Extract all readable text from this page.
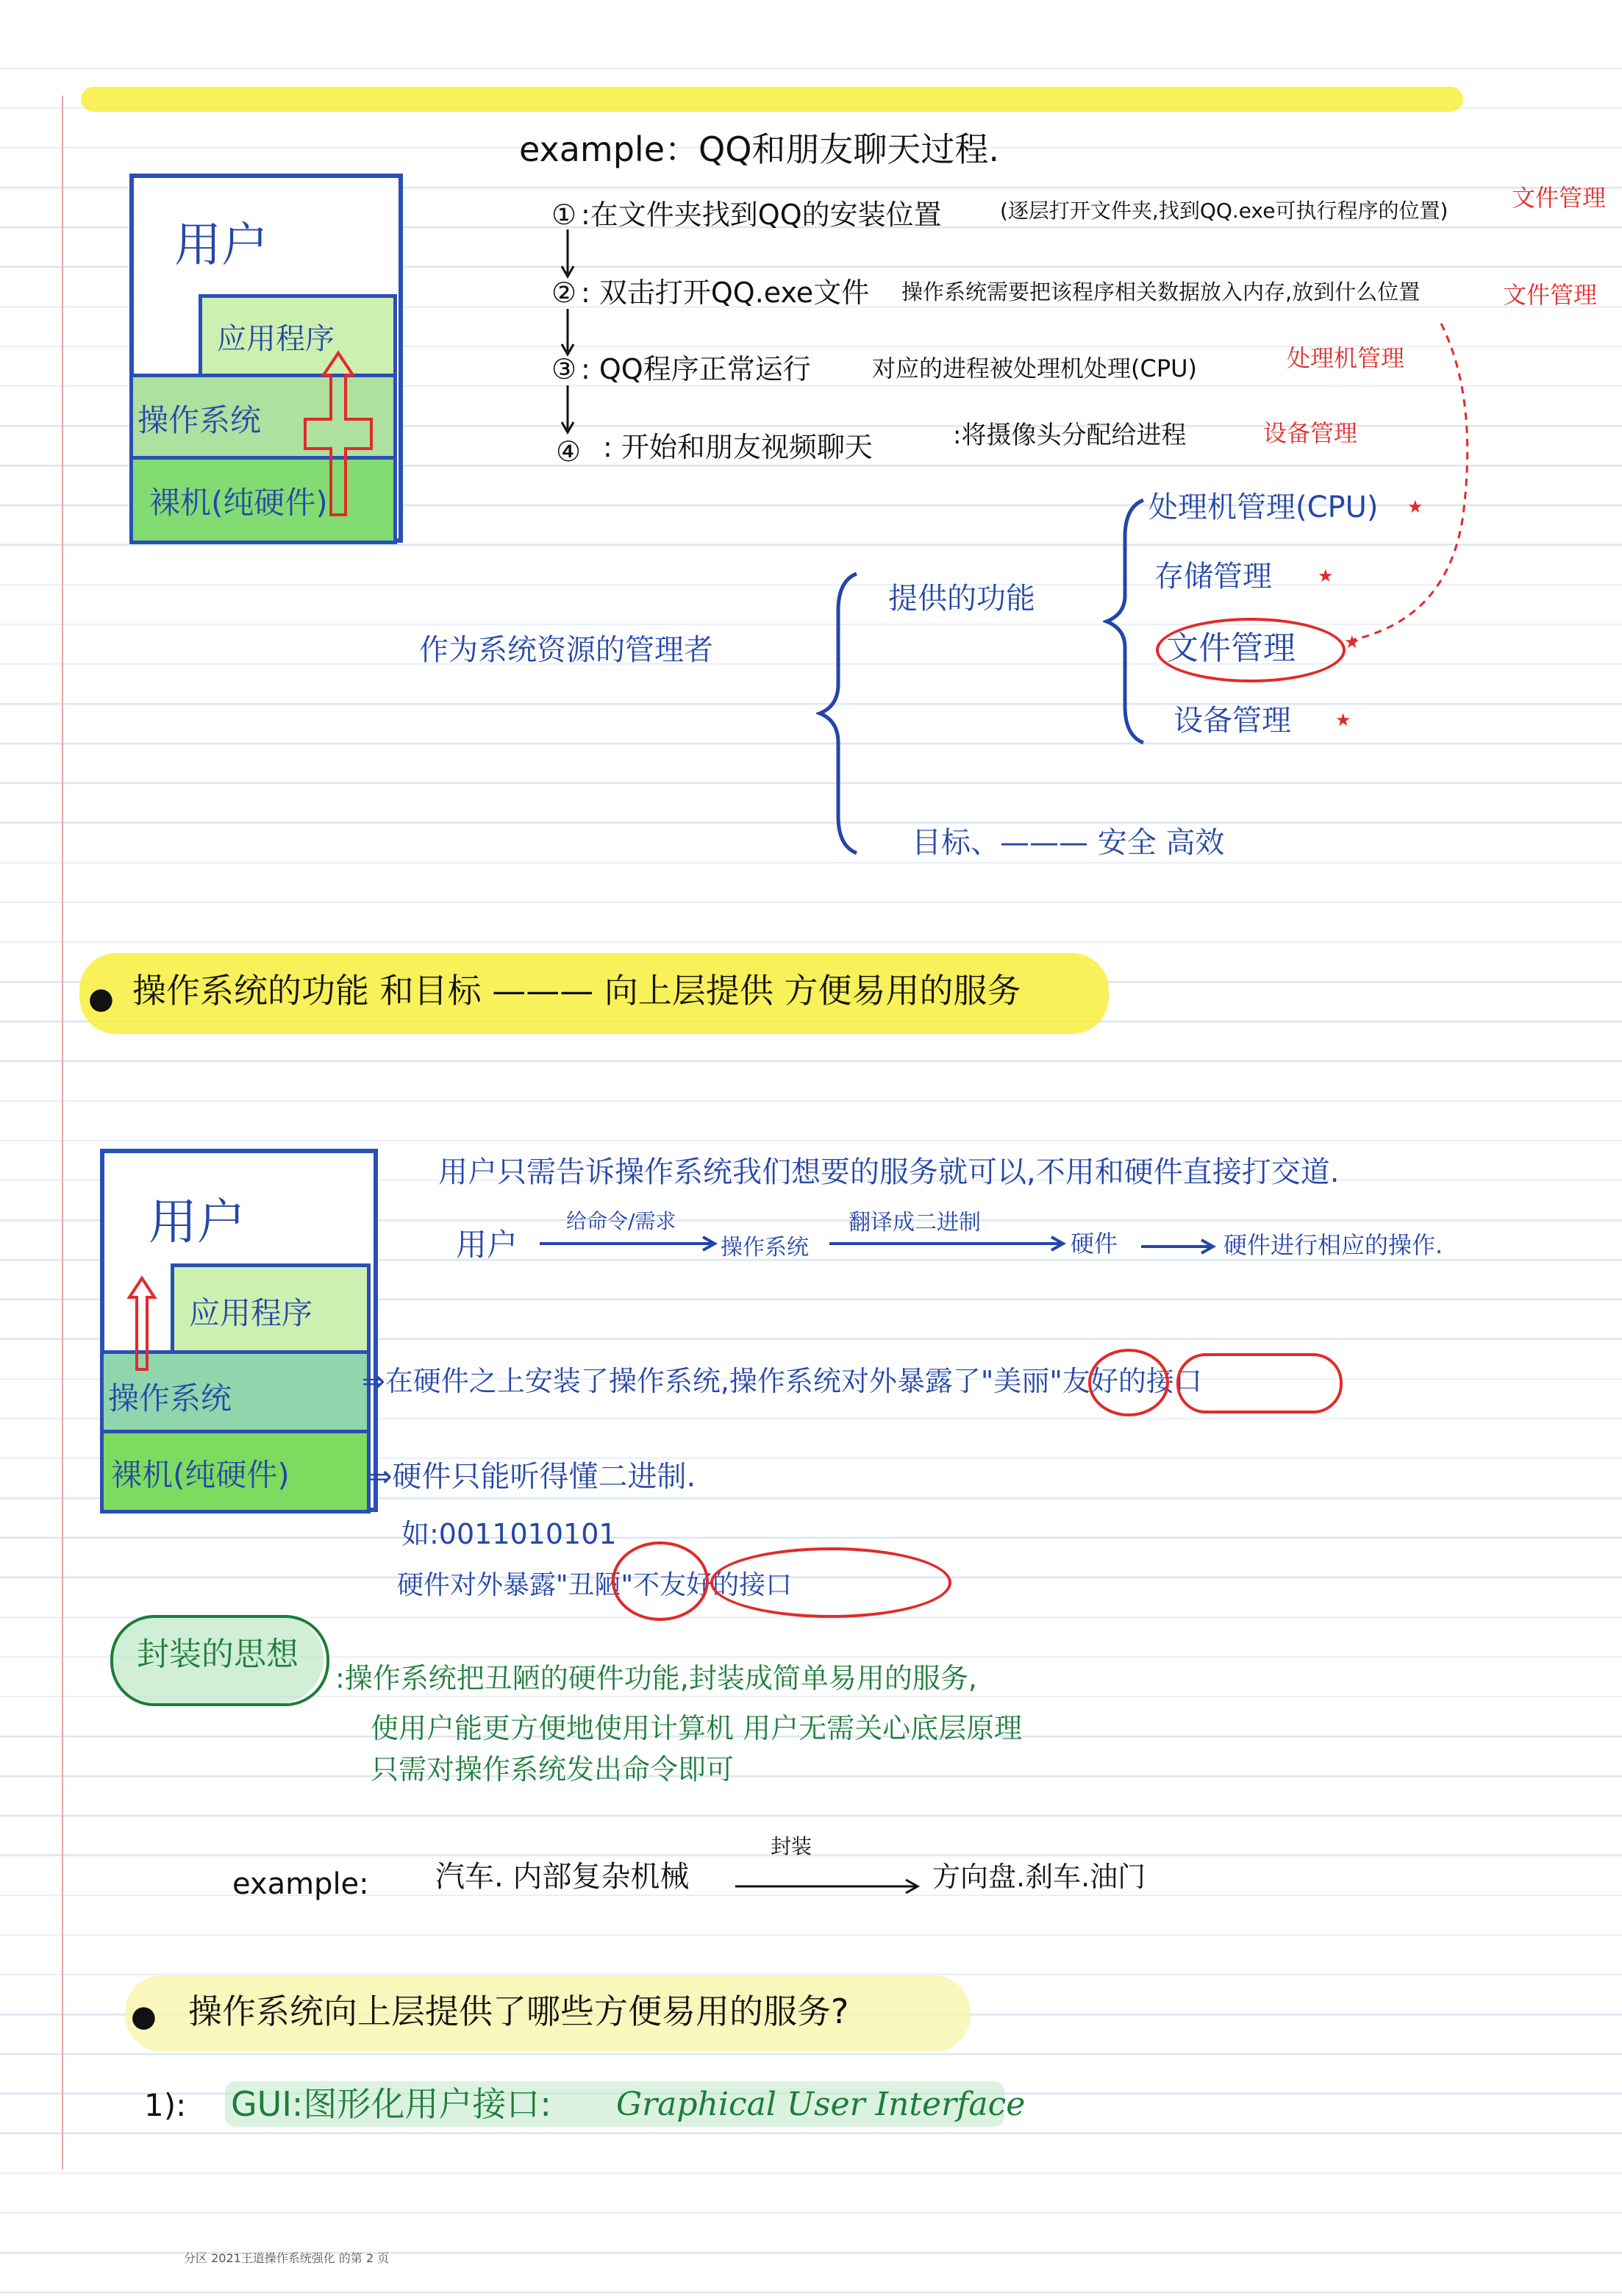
用户
应用程序
操作系统
裸机(纯硬件)
example：QQ和朋友聊天过程.
① :在文件夹找到QQ的安装位置	(逐层打开文件夹,找到QQ.exe可执行程序的位置)	文件管理
② : 双击打开QQ.exe文件 操作系统需要把该程序相关数据放入内存,放到什么位置	文件管理
③ : QQ程序正常运行	对应的进程被处理机处理(CPU)	处理机管理
④ : 开始和朋友视频聊天	:将摄像头分配给进程	设备管理
作为系统资源的管理者
提供的功能
处理机管理(CPU) ★
存储管理	★
文件管理	★
设备管理	★
目标、——— 安全 高效
● 操作系统的功能 和目标 ——— 向上层提供 方便易用的服务
用户
应用程序
操作系统
裸机(纯硬件)
用户只需告诉操作系统我们想要的服务就可以,不用和硬件直接打交道.
用户
给命令/需求
操作系统
翻译成二进制
硬件	硬件进行相应的操作.
⇒在硬件之上安装了操作系统,操作系统对外暴露了"美丽"友好的接口
⇒硬件只能听得懂二进制.
如:0011010101
硬件对外暴露"丑陋"不友好的接口
封装的思想
:操作系统把丑陋的硬件功能,封装成简单易用的服务,
使用户能更方便地使用计算机 用户无需关心底层原理
只需对操作系统发出命令即可
example: 汽车. 内部复杂机械
封装
方向盘.刹车.油门
● 操作系统向上层提供了哪些方便易用的服务?
1): GUI:图形化用户接口: Graphical User Interface
分区 2021王道操作系统强化 的第 2 页
